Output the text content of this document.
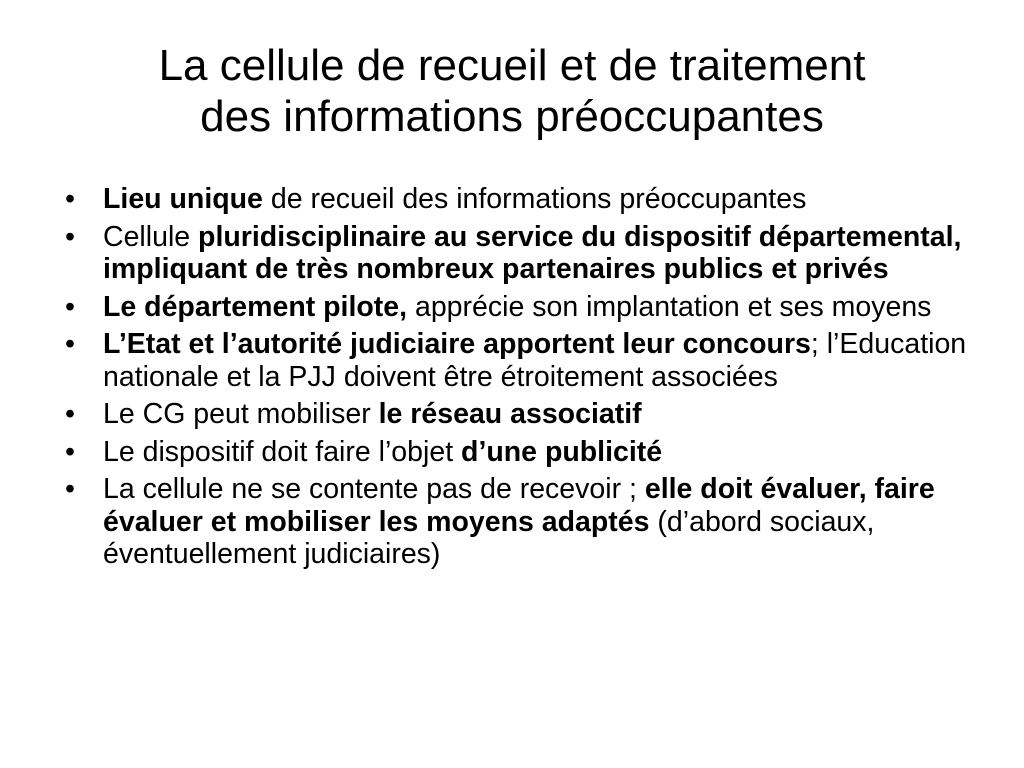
La cellule de recueil et de traitement
des informations préoccupantes
• Lieu unique de recueil des informations préoccupantes
• Cellule pluridisciplinaire au service du dispositif départemental, impliquant de très nombreux partenaires publics et privés
• Le département pilote, apprécie son implantation et ses moyens
• L’Etat et l’autorité judiciaire apportent leur concours; l’Education nationale et la PJJ doivent être étroitement associées
• Le CG peut mobiliser le réseau associatif
• Le dispositif doit faire l’objet d’une publicité
• La cellule ne se contente pas de recevoir ; elle doit évaluer, faire évaluer et mobiliser les moyens adaptés (d’abord sociaux, éventuellement judiciaires)
